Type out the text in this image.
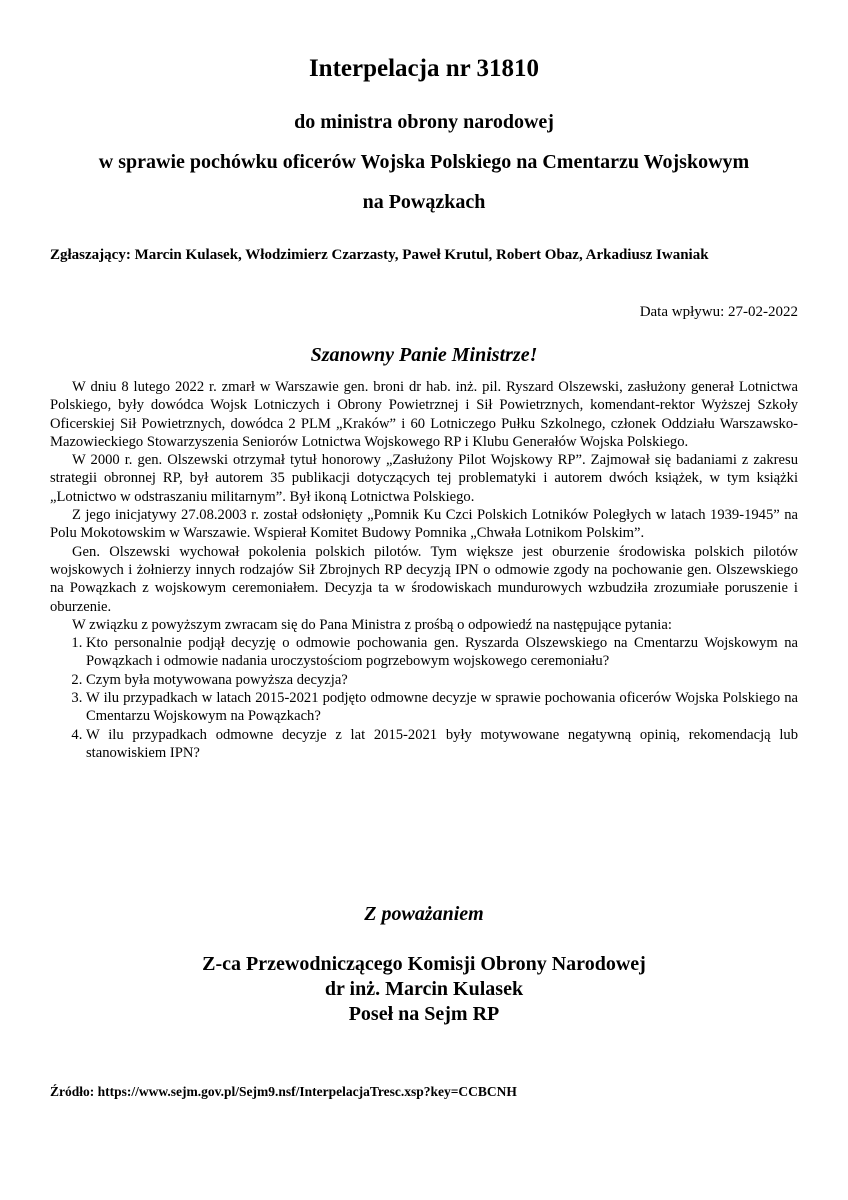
Interpelacja nr 31810
do ministra obrony narodowej
w sprawie pochówku oficerów Wojska Polskiego na Cmentarzu Wojskowym
na Powązkach
Zgłaszający: Marcin Kulasek, Włodzimierz Czarzasty, Paweł Krutul, Robert Obaz, Arkadiusz Iwaniak
Data wpływu: 27-02-2022
Szanowny Panie Ministrze!

W dniu 8 lutego 2022 r. zmarł w Warszawie gen. broni dr hab. inż. pil. Ryszard Olszewski, zasłużony generał Lotnictwa Polskiego, były dowódca Wojsk Lotniczych i Obrony Powietrznej i Sił Powietrznych, komendant-rektor Wyższej Szkoły Oficerskiej Sił Powietrznych, dowódca 2 PLM „Kraków” i 60 Lotniczego Pułku Szkolnego, członek Oddziału Warszawsko-Mazowieckiego Stowarzyszenia Seniorów Lotnictwa Wojskowego RP i Klubu Generałów Wojska Polskiego.

W 2000 r. gen. Olszewski otrzymał tytuł honorowy „Zasłużony Pilot Wojskowy RP”. Zajmował się badaniami z zakresu strategii obronnej RP, był autorem 35 publikacji dotyczących tej problematyki i autorem dwóch książek, w tym książki „Lotnictwo w odstraszaniu militarnym”. Był ikoną Lotnictwa Polskiego.

Z jego inicjatywy 27.08.2003 r. został odsłonięty „Pomnik Ku Czci Polskich Lotników Poległych w latach 1939-1945” na Polu Mokotowskim w Warszawie. Wspierał Komitet Budowy Pomnika „Chwała Lotnikom Polskim”.

Gen. Olszewski wychował pokolenia polskich pilotów. Tym większe jest oburzenie środowiska polskich pilotów wojskowych i żołnierzy innych rodzajów Sił Zbrojnych RP decyzją IPN o odmowie zgody na pochowanie gen. Olszewskiego na Powązkach z wojskowym ceremoniałem. Decyzja ta w środowiskach mundurowych wzbudziła zrozumiałe poruszenie i oburzenie.

W związku z powyższym zwracam się do Pana Ministra z prośbą o odpowiedź na następujące pytania:

1. Kto personalnie podjął decyzję o odmowie pochowania gen. Ryszarda Olszewskiego na Cmentarzu Wojskowym na Powązkach i odmowie nadania uroczystościom pogrzebowym wojskowego ceremoniału?
2. Czym była motywowana powyższa decyzja?
3. W ilu przypadkach w latach 2015-2021 podjęto odmowne decyzje w sprawie pochowania oficerów Wojska Polskiego na Cmentarzu Wojskowym na Powązkach?
4. W ilu przypadkach odmowne decyzje z lat 2015-2021 były motywowane negatywną opinią, rekomendacją lub stanowiskiem IPN?
Z poważaniem
Z-ca Przewodniczącego Komisji Obrony Narodowej
dr inż. Marcin Kulasek
Poseł na Sejm RP
Źródło: https://www.sejm.gov.pl/Sejm9.nsf/InterpelacjaTresc.xsp?key=CCBCNH
